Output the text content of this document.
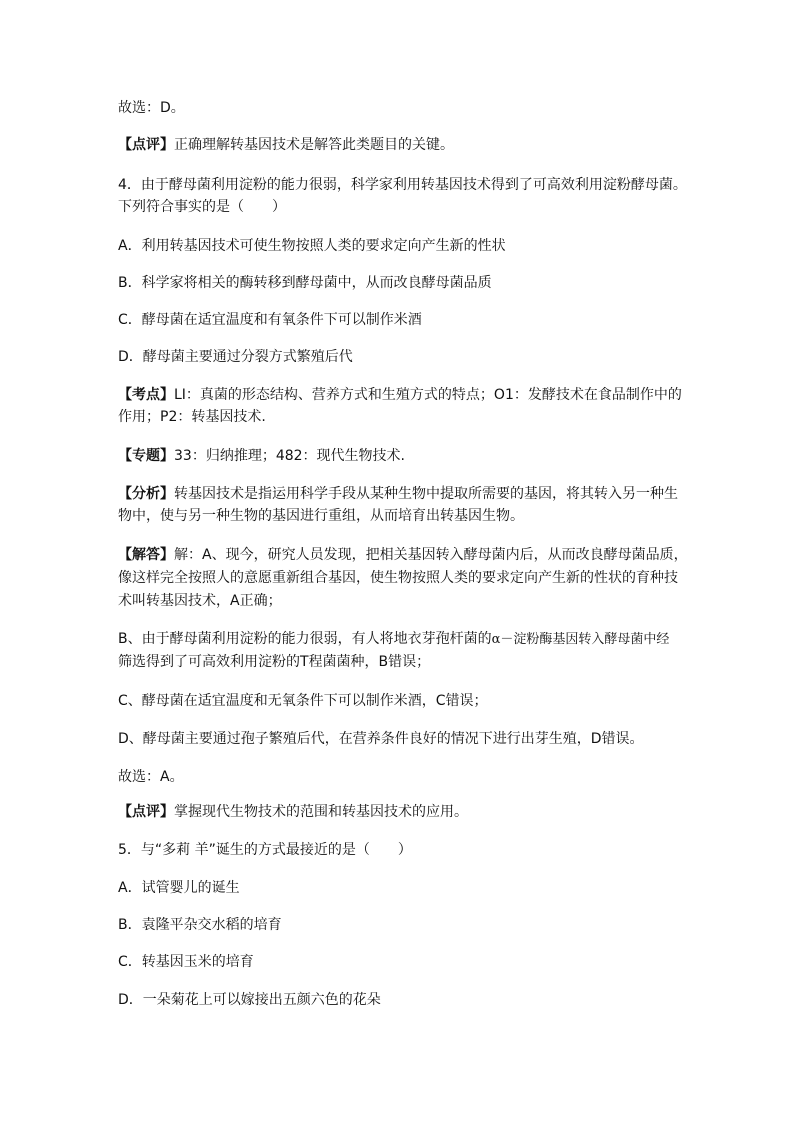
故选：D。
【点评】正确理解转基因技术是解答此类题目的关键。
4．由于酵母菌利用淀粉的能力很弱，科学家利用转基因技术得到了可高效利用淀粉酵母菌。
下列符合事实的是（　　）
A．利用转基因技术可使生物按照人类的要求定向产生新的性状
B．科学家将相关的酶转移到酵母菌中，从而改良酵母菌品质
C．酵母菌在适宜温度和有氧条件下可以制作米酒
D．酵母菌主要通过分裂方式繁殖后代
【考点】LI：真菌的形态结构、营养方式和生殖方式的特点；O1：发酵技术在食品制作中的
作用；P2：转基因技术.
【专题】33：归纳推理；482：现代生物技术.
【分析】转基因技术是指运用科学手段从某种生物中提取所需要的基因，将其转入另一种生
物中，使与另一种生物的基因进行重组，从而培育出转基因生物。
【解答】解：A、现今，研究人员发现，把相关基因转入酵母菌内后，从而改良酵母菌品质，
像这样完全按照人的意愿重新组合基因，使生物按照人类的要求定向产生新的性状的育种技
术叫转基因技术，A正确；
B、由于酵母菌利用淀粉的能力很弱，有人将地衣芽孢杆菌的α－淀粉酶基因转入酵母菌中经
筛选得到了可高效利用淀粉的T程菌菌种，B错误；
C、酵母菌在适宜温度和无氧条件下可以制作米酒，C错误；
D、酵母菌主要通过孢子繁殖后代，在营养条件良好的情况下进行出芽生殖，D错误。
故选：A。
【点评】掌握现代生物技术的范围和转基因技术的应用。
5．与“多莉 羊”诞生的方式最接近的是（　　）
A．试管婴儿的诞生
B．袁隆平杂交水稻的培育
C．转基因玉米的培育
D．一朵菊花上可以嫁接出五颜六色的花朵
